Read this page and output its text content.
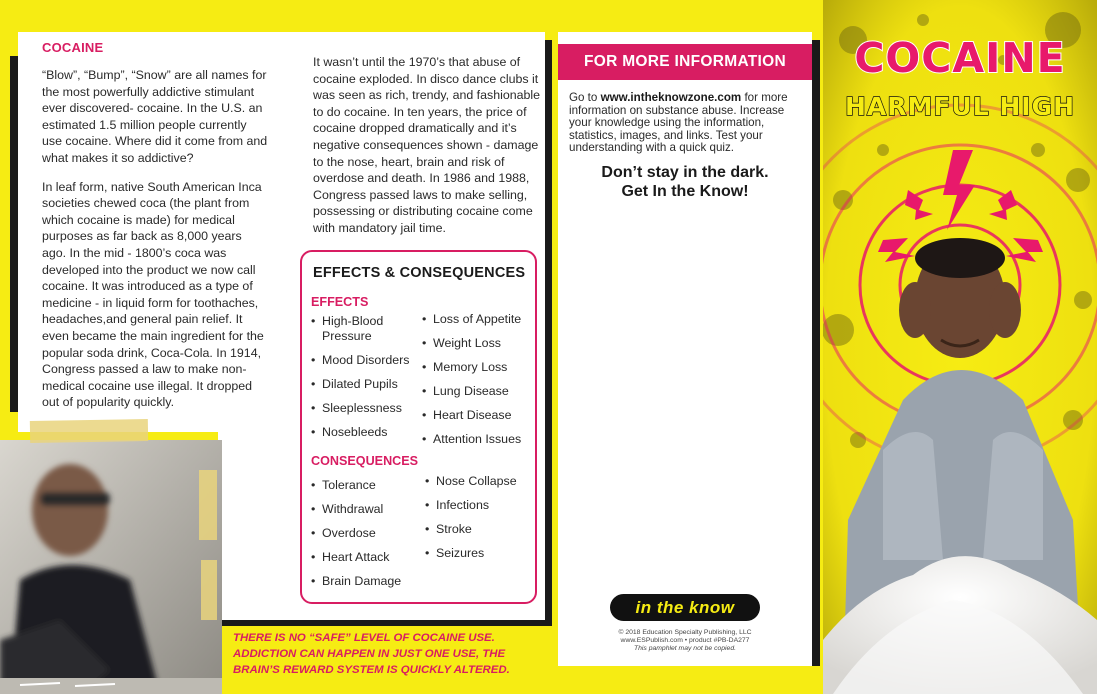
COCAINE

“Blow”, “Bump”, “Snow” are all names for the most powerfully addictive stimulant ever discovered- cocaine. In the U.S. an estimated 1.5 million people currently use cocaine. Where did it come from and what makes it so addictive?

In leaf form, native South American Inca societies chewed coca (the plant from which cocaine is made) for medical purposes as far back as 8,000 years ago. In the mid - 1800’s coca was developed into the product we now call cocaine. It was introduced as a type of medicine - in liquid form for toothaches, headaches,and general pain relief. It even became the main ingredient for the popular soda drink, Coca-Cola. In 1914, Congress passed a law to make non-medical cocaine use illegal. It dropped out of popularity quickly.

It wasn’t until the 1970’s that abuse of cocaine exploded. In disco dance clubs it was seen as rich, trendy, and fashionable to do cocaine. In ten years, the price of cocaine dropped dramatically and it’s negative consequences shown - damage to the nose, heart, brain and risk of overdose and death. In 1986 and 1988, Congress passed laws to make selling, possessing or distributing cocaine come with mandatory jail time.

EFFECTS & CONSEQUENCES
EFFECTS
• High-Blood Pressure
• Mood Disorders
• Dilated Pupils
• Sleeplessness
• Nosebleeds
• Loss of Appetite
• Weight Loss
• Memory Loss
• Lung Disease
• Heart Disease
• Attention Issues
CONSEQUENCES
• Tolerance
• Withdrawal
• Overdose
• Heart Attack
• Brain Damage
• Nose Collapse
• Infections
• Stroke
• Seizures
THERE IS NO “SAFE” LEVEL OF COCAINE USE. ADDICTION CAN HAPPEN IN JUST ONE USE, THE BRAIN’S REWARD SYSTEM IS QUICKLY ALTERED.
FOR MORE INFORMATION

Go to www.intheknowzone.com for more information on substance abuse. Increase your knowledge using the information, statistics, images, and links. Test your understanding with a quick quiz.

Don’t stay in the dark.
Get In the Know!
in the know
© 2018 Education Specialty Publishing, LLC
www.ESPublish.com • product #PB-DA277
This pamphlet may not be copied.
COCAINE
HARMFUL HIGH
